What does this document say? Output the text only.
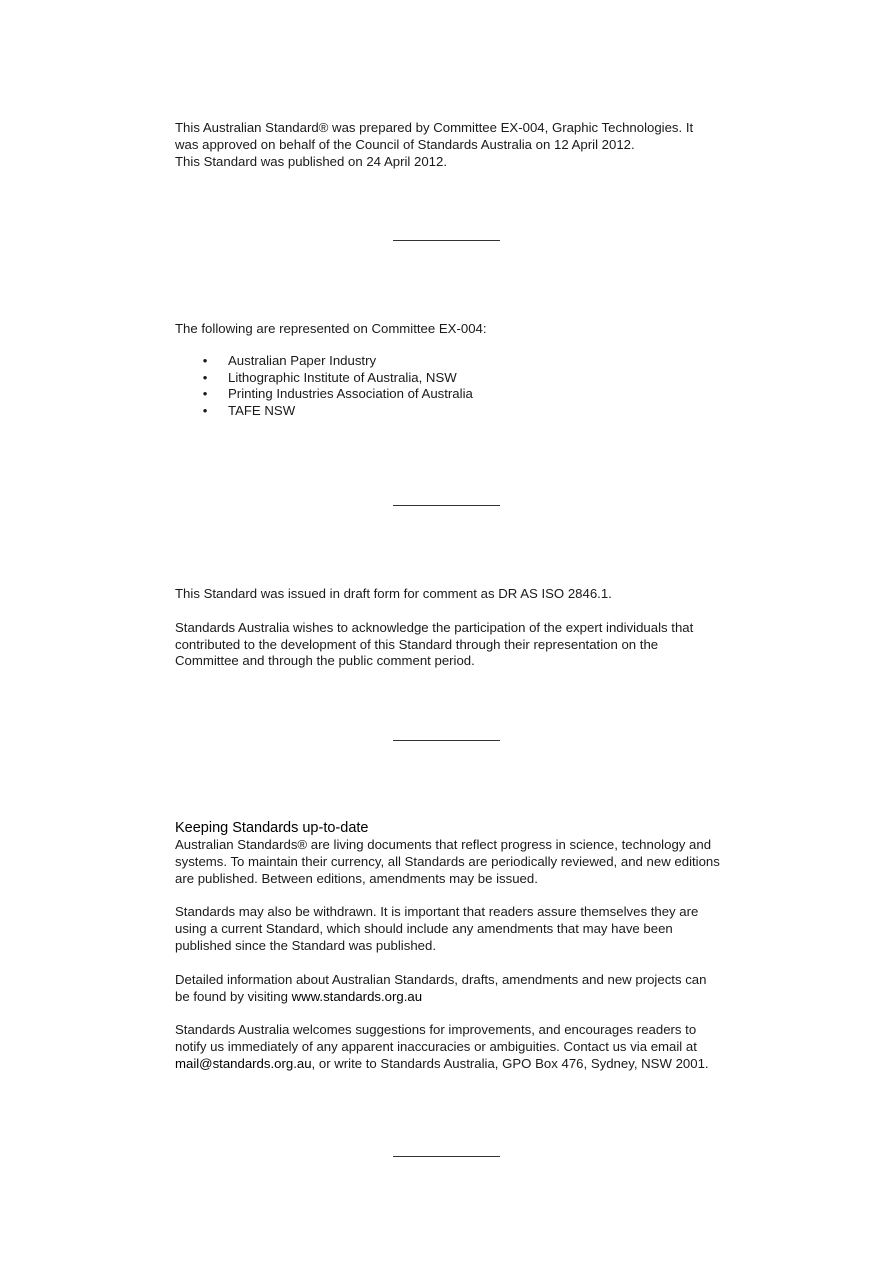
This Australian Standard® was prepared by Committee EX-004, Graphic Technologies. It
was approved on behalf of the Council of Standards Australia on 12 April 2012.
This Standard was published on 24 April 2012.

The following are represented on Committee EX-004:

• Australian Paper Industry
• Lithographic Institute of Australia, NSW
• Printing Industries Association of Australia
• TAFE NSW

This Standard was issued in draft form for comment as DR AS ISO 2846.1.

Standards Australia wishes to acknowledge the participation of the expert individuals that
contributed to the development of this Standard through their representation on the
Committee and through the public comment period.

Keeping Standards up-to-date

Australian Standards® are living documents that reflect progress in science, technology and
systems. To maintain their currency, all Standards are periodically reviewed, and new editions
are published. Between editions, amendments may be issued.

Standards may also be withdrawn. It is important that readers assure themselves they are
using a current Standard, which should include any amendments that may have been
published since the Standard was published.

Detailed information about Australian Standards, drafts, amendments and new projects can
be found by visiting www.standards.org.au

Standards Australia welcomes suggestions for improvements, and encourages readers to
notify us immediately of any apparent inaccuracies or ambiguities. Contact us via email at
mail@standards.org.au, or write to Standards Australia, GPO Box 476, Sydney, NSW 2001.
